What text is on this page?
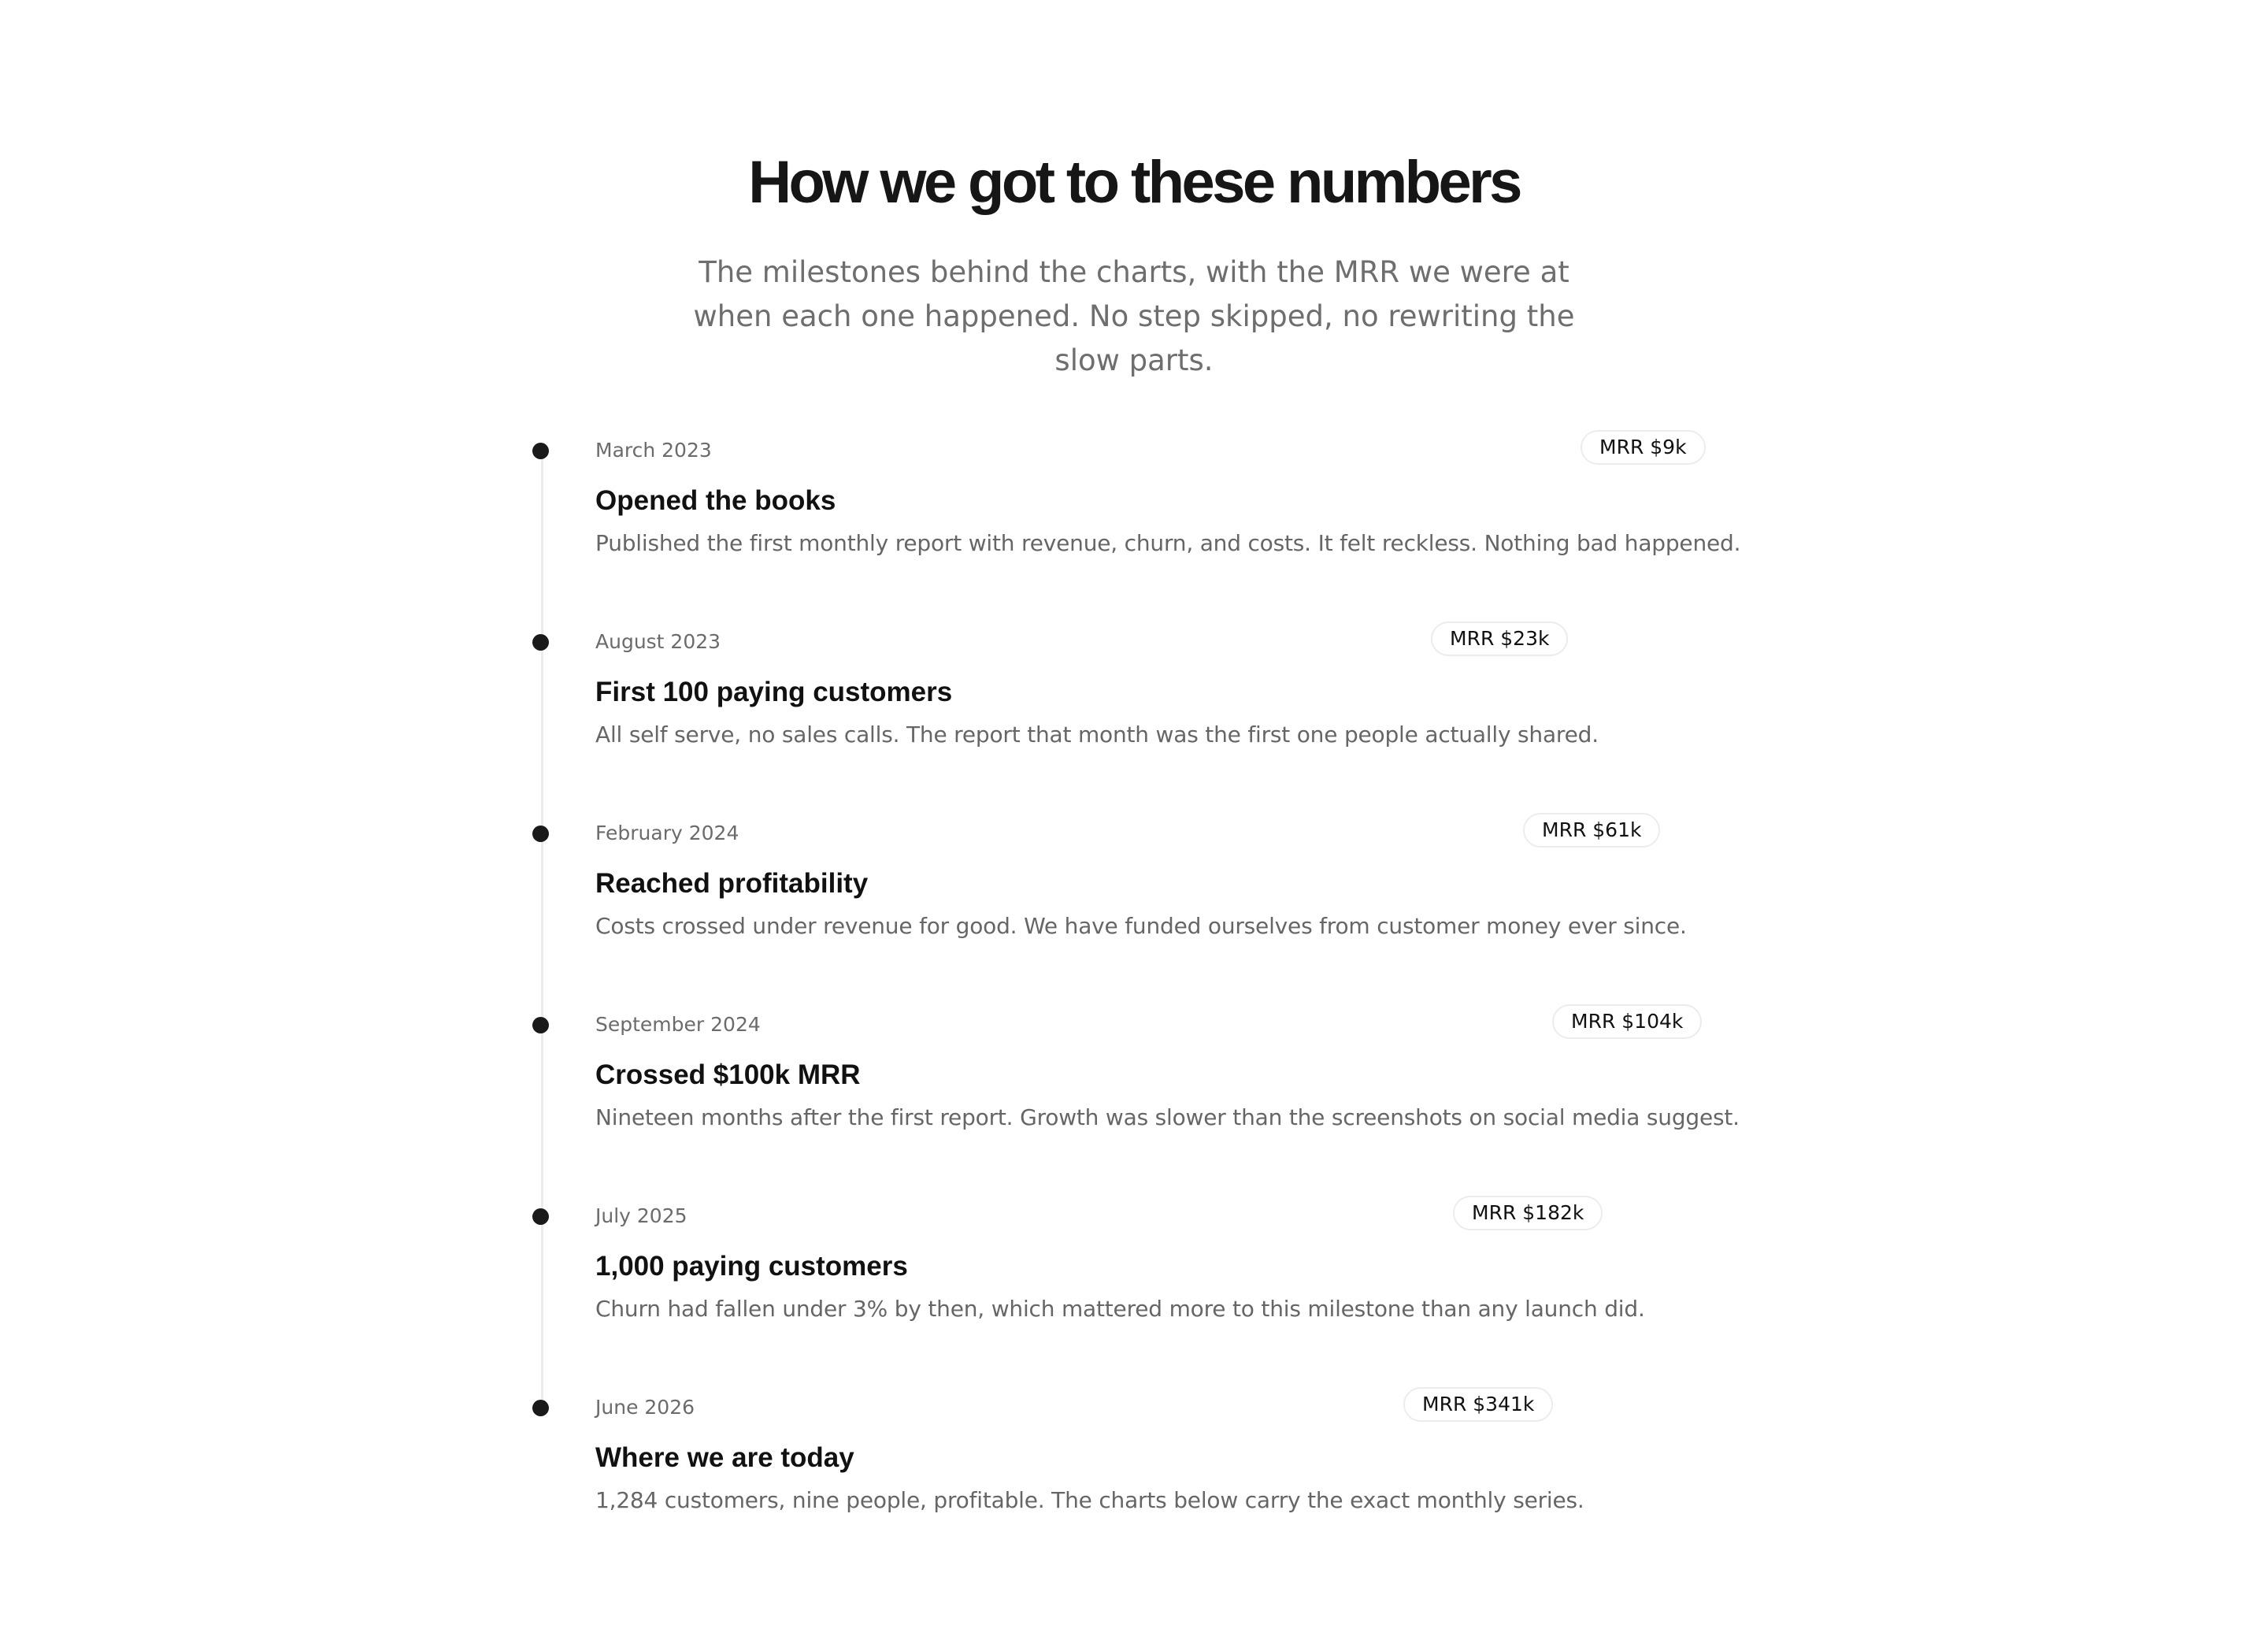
How we got to these numbers

The milestones behind the charts, with the MRR we were at when each one happened. No step skipped, no rewriting the slow parts.

March 2023	MRR $9k
Opened the books
Published the first monthly report with revenue, churn, and costs. It felt reckless. Nothing bad happened.
August 2023	MRR $23k
First 100 paying customers
All self serve, no sales calls. The report that month was the first one people actually shared.
February 2024	MRR $61k
Reached profitability
Costs crossed under revenue for good. We have funded ourselves from customer money ever since.
September 2024	MRR $104k
Crossed $100k MRR
Nineteen months after the first report. Growth was slower than the screenshots on social media suggest.
July 2025	MRR $182k
1,000 paying customers
Churn had fallen under 3% by then, which mattered more to this milestone than any launch did.
June 2026	MRR $341k
Where we are today
1,284 customers, nine people, profitable. The charts below carry the exact monthly series.
